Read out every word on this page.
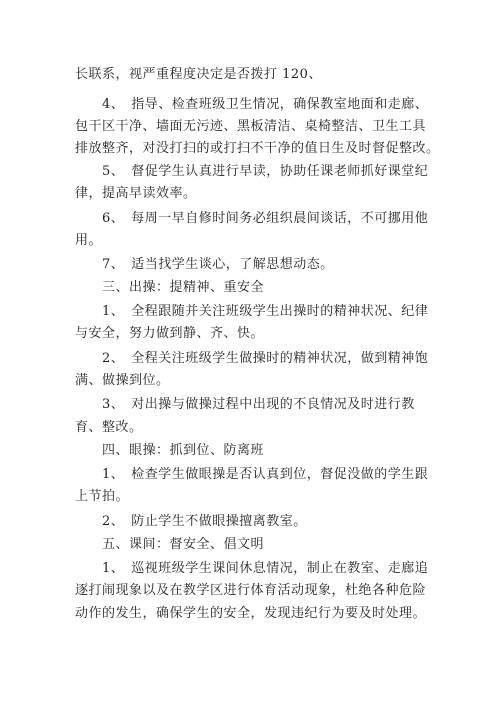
长联系，视严重程度决定是否拨打 120、
　　4、　指导、检查班级卫生情况，确保教室地面和走廊、
包干区干净、墙面无污迹、黑板清洁、桌椅整洁、卫生工具
排放整齐，对没打扫的或打扫不干净的值日生及时督促整改。
　　5、　督促学生认真进行早读，协助任课老师抓好课堂纪
律，提高早读效率。
　　6、　每周一早自修时间务必组织晨间谈话，不可挪用他
用。
　　7、　适当找学生谈心，了解思想动态。
　　三、出操：提精神、重安全
　　1、　全程跟随并关注班级学生出操时的精神状况、纪律
与安全，努力做到静、齐、快。
　　2、　全程关注班级学生做操时的精神状况，做到精神饱
满、做操到位。
　　3、　对出操与做操过程中出现的不良情况及时进行教
育、整改。
　　四、眼操：抓到位、防离班
　　1、　检查学生做眼操是否认真到位，督促没做的学生跟
上节拍。
　　2、　防止学生不做眼操擅离教室。
　　五、课间：督安全、倡文明
　　1、　巡视班级学生课间休息情况，制止在教室、走廊追
逐打闹现象以及在教学区进行体育活动现象，杜绝各种危险
动作的发生，确保学生的安全，发现违纪行为要及时处理。
